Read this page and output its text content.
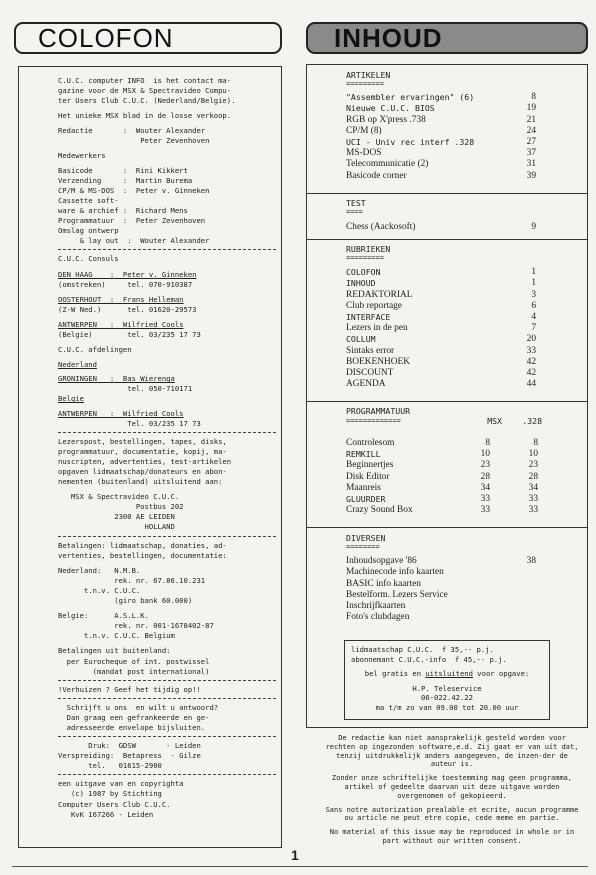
COLOFON	INHOUD

C.U.C. computer INFO  is het contact ma-

gazine voor de MSX & Spectravideo Compu-

ter Users Club C.U.C. (Nederland/Belgie).

Het unieke MSX blad in de losse verkoop.

Redactie       :  Wouter Alexander

Peter Zevenhoven

Medewerkers

Basicode       :  Rini Kikkert

Verzending     :  Martin Burema

CP/M & MS-DOS  :  Peter v. Ginneken

Cassette soft-

ware & archief :  Richard Mens

Programmatuur  :  Peter Zevenhoven

Omslag ontwerp

& lay out  :  Wouter Alexander

C.U.C. Consuls

DEN HAAG    :  Peter v. Ginneken

(omstreken)     tel. 070-910387

OOSTERHOUT  :  Frans Helleman

(Z-W Ned.)      tel. 01620-29573

ANTWERPEN   :  Wilfried Cools

(Belgie)        tel. 03/235 17 73

C.U.C. afdelingen

Nederland

GRONINGEN   :  Bas Wierenga

tel. 050-710171

Belgie

ANTWERPEN   :  Wilfried Cools

Tel. 03/235 17 73

Lezerspost, bestellingen, tapes, disks,

programmatuur, documentatie, kopij, ma-

nuscripten, advertenties, test-artikelen

opgaven lidmaatschap/donateurs en abon-

nementen (buitenland) uitsluitend aan:

MSX & Spectravideo C.U.C.

Postbus 202

2300 AE LEIDEN

HOLLAND

Betalingen: lidmaatschap, donaties, ad-

vertenties, bestellingen, documentatie:

Nederland:   N.M.B.

rek. nr. 67.86.10.231

t.n.v. C.U.C.

(giro bank 60.000)

Belgie:      A.S.L.K.

rek. nr. 001-1678402-87

t.n.v. C.U.C. Belgium

Betalingen uit buitenland:

per Eurocheque of int. postwissel

(mandat post international)

!Verhuizen ? Geef het tijdig op!!

Schrijft u ons  en wilt u antwoord?

Dan graag een gefrankeerde en ge-

adresseerde envelope bijsluiten.

Druk:  GDSW       - Leiden

Verspreiding:  Betapress  - Gilze

tel.   01615-2900

een uitgave van en copyrighta

(c) 1987 by Stichting

Computer Users Club C.U.C.

KvK 167266 - Leiden

ARTIKELEN
=========
"Assembler ervaringen" (6)	8
Nieuwe C.U.C. BIOS	19
RGB op X'press .738	21
CP/M (8)	24
UCI - Univ rec interf .328	27
MS-DOS	37
Telecommunicatie (2)	31
Basicode corner	39
TEST
====
Chess (Aackosoft)	9
RUBRIEKEN
=========
COLOFON	1
INHOUD	1
REDAKTORIAL	3
Club reportage	6
INTERFACE	4
Lezers in de pen	7
COLLUM	20
Sintaks error	33
BOEKENHOEK	42
DISCOUNT	42
AGENDA	44
PROGRAMMATUUR
=============	MSX .328
Controlesom	8	8
REMKILL	10	10
Beginnertjes	23	23
Disk Editor	28	28
Maanreis	34	34
GLUURDER	33	33
Crazy Sound Box	33	33
DIVERSEN
========
Inhoudsopgave '86	38
Machinecode info kaarten
BASIC info kaarten
Bestelform. Lezers Service
Inschrijfkaarten
Foto's clubdagen

lidmaatschap C.U.C.  f 35,-- p.j.

abonnemant C.U.C.-info  f 45,-- p.j.

bel gratis en uitsluitend voor opgave:

H.P. Teleservice

06-022.42.22

ma t/m zo van 09.00 tot 20.00 uur

De redactie kan niet aansprakelijk gesteld worden voor rechten op ingezonden software,e.d. Zij gaat er van uit dat, tenzij uitdrukkelijk anders aangegeven, de inzen-der de auteur is.

Zonder onze schriftelijke toestemming mag geen programma, artikel of gedeelte daarvan uit deze uitgave worden overgenomen of gekopieerd.

Sans notre autorization prealable et ecrite, aucun programme ou article ne peut etre copie, cede meme en partie.

No material of this issue may be reproduced in whole or in part without our written consent.

1
